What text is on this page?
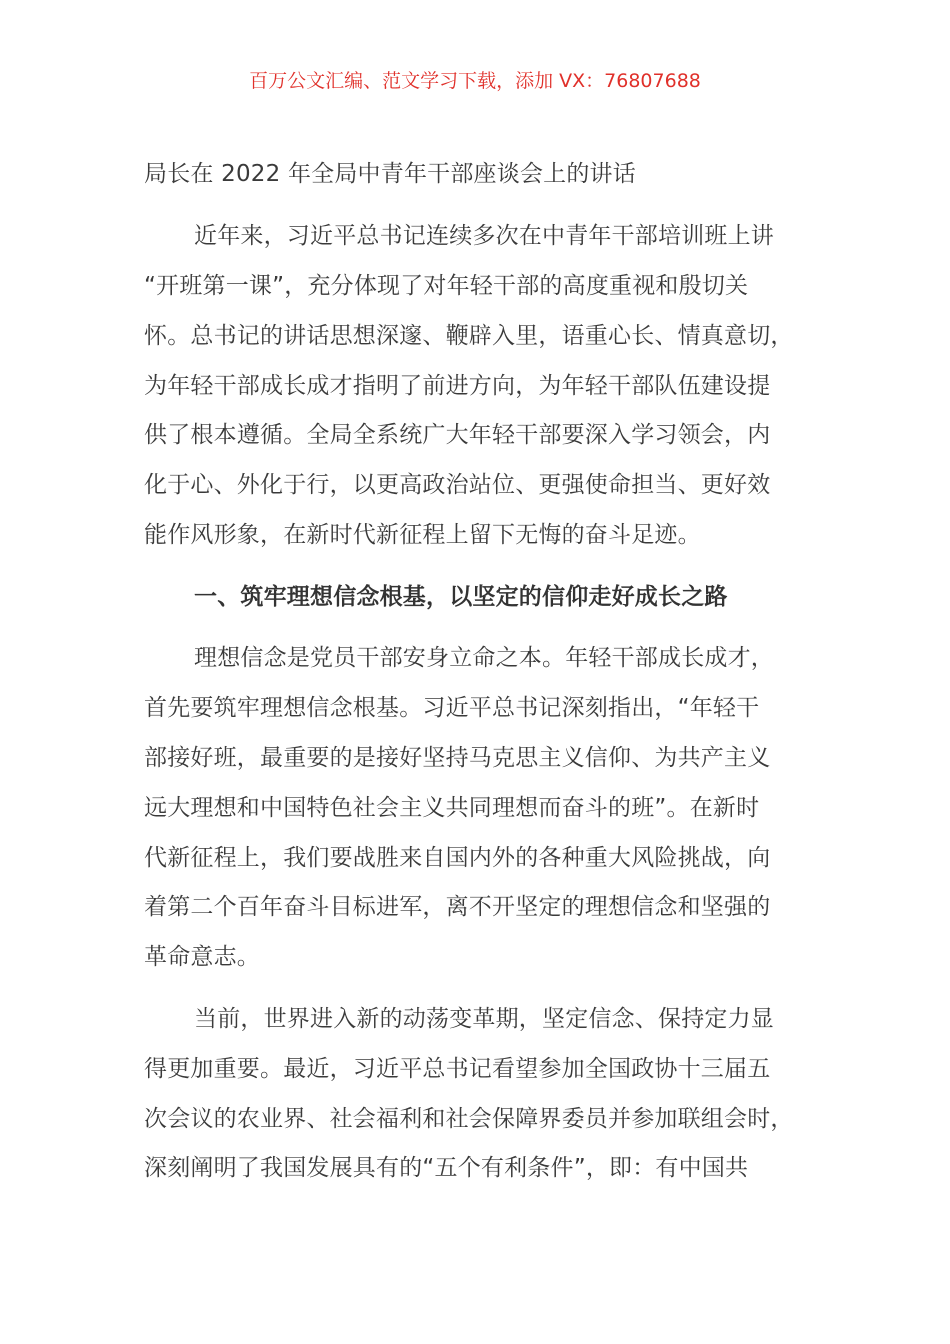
百万公文汇编、范文学习下载，添加 VX：76807688
局长在 2022 年全局中青年干部座谈会上的讲话
近年来，习近平总书记连续多次在中青年干部培训班上讲
“开班第一课”，充分体现了对年轻干部的高度重视和殷切关
怀。总书记的讲话思想深邃、鞭辟入里，语重心长、情真意切，
为年轻干部成长成才指明了前进方向，为年轻干部队伍建设提
供了根本遵循。全局全系统广大年轻干部要深入学习领会，内
化于心、外化于行，以更高政治站位、更强使命担当、更好效
能作风形象，在新时代新征程上留下无悔的奋斗足迹。
一、筑牢理想信念根基，以坚定的信仰走好成长之路
理想信念是党员干部安身立命之本。年轻干部成长成才，
首先要筑牢理想信念根基。习近平总书记深刻指出，“年轻干
部接好班，最重要的是接好坚持马克思主义信仰、为共产主义
远大理想和中国特色社会主义共同理想而奋斗的班”。在新时
代新征程上，我们要战胜来自国内外的各种重大风险挑战，向
着第二个百年奋斗目标进军，离不开坚定的理想信念和坚强的
革命意志。
当前，世界进入新的动荡变革期，坚定信念、保持定力显
得更加重要。最近，习近平总书记看望参加全国政协十三届五
次会议的农业界、社会福利和社会保障界委员并参加联组会时，
深刻阐明了我国发展具有的“五个有利条件”，即：有中国共
